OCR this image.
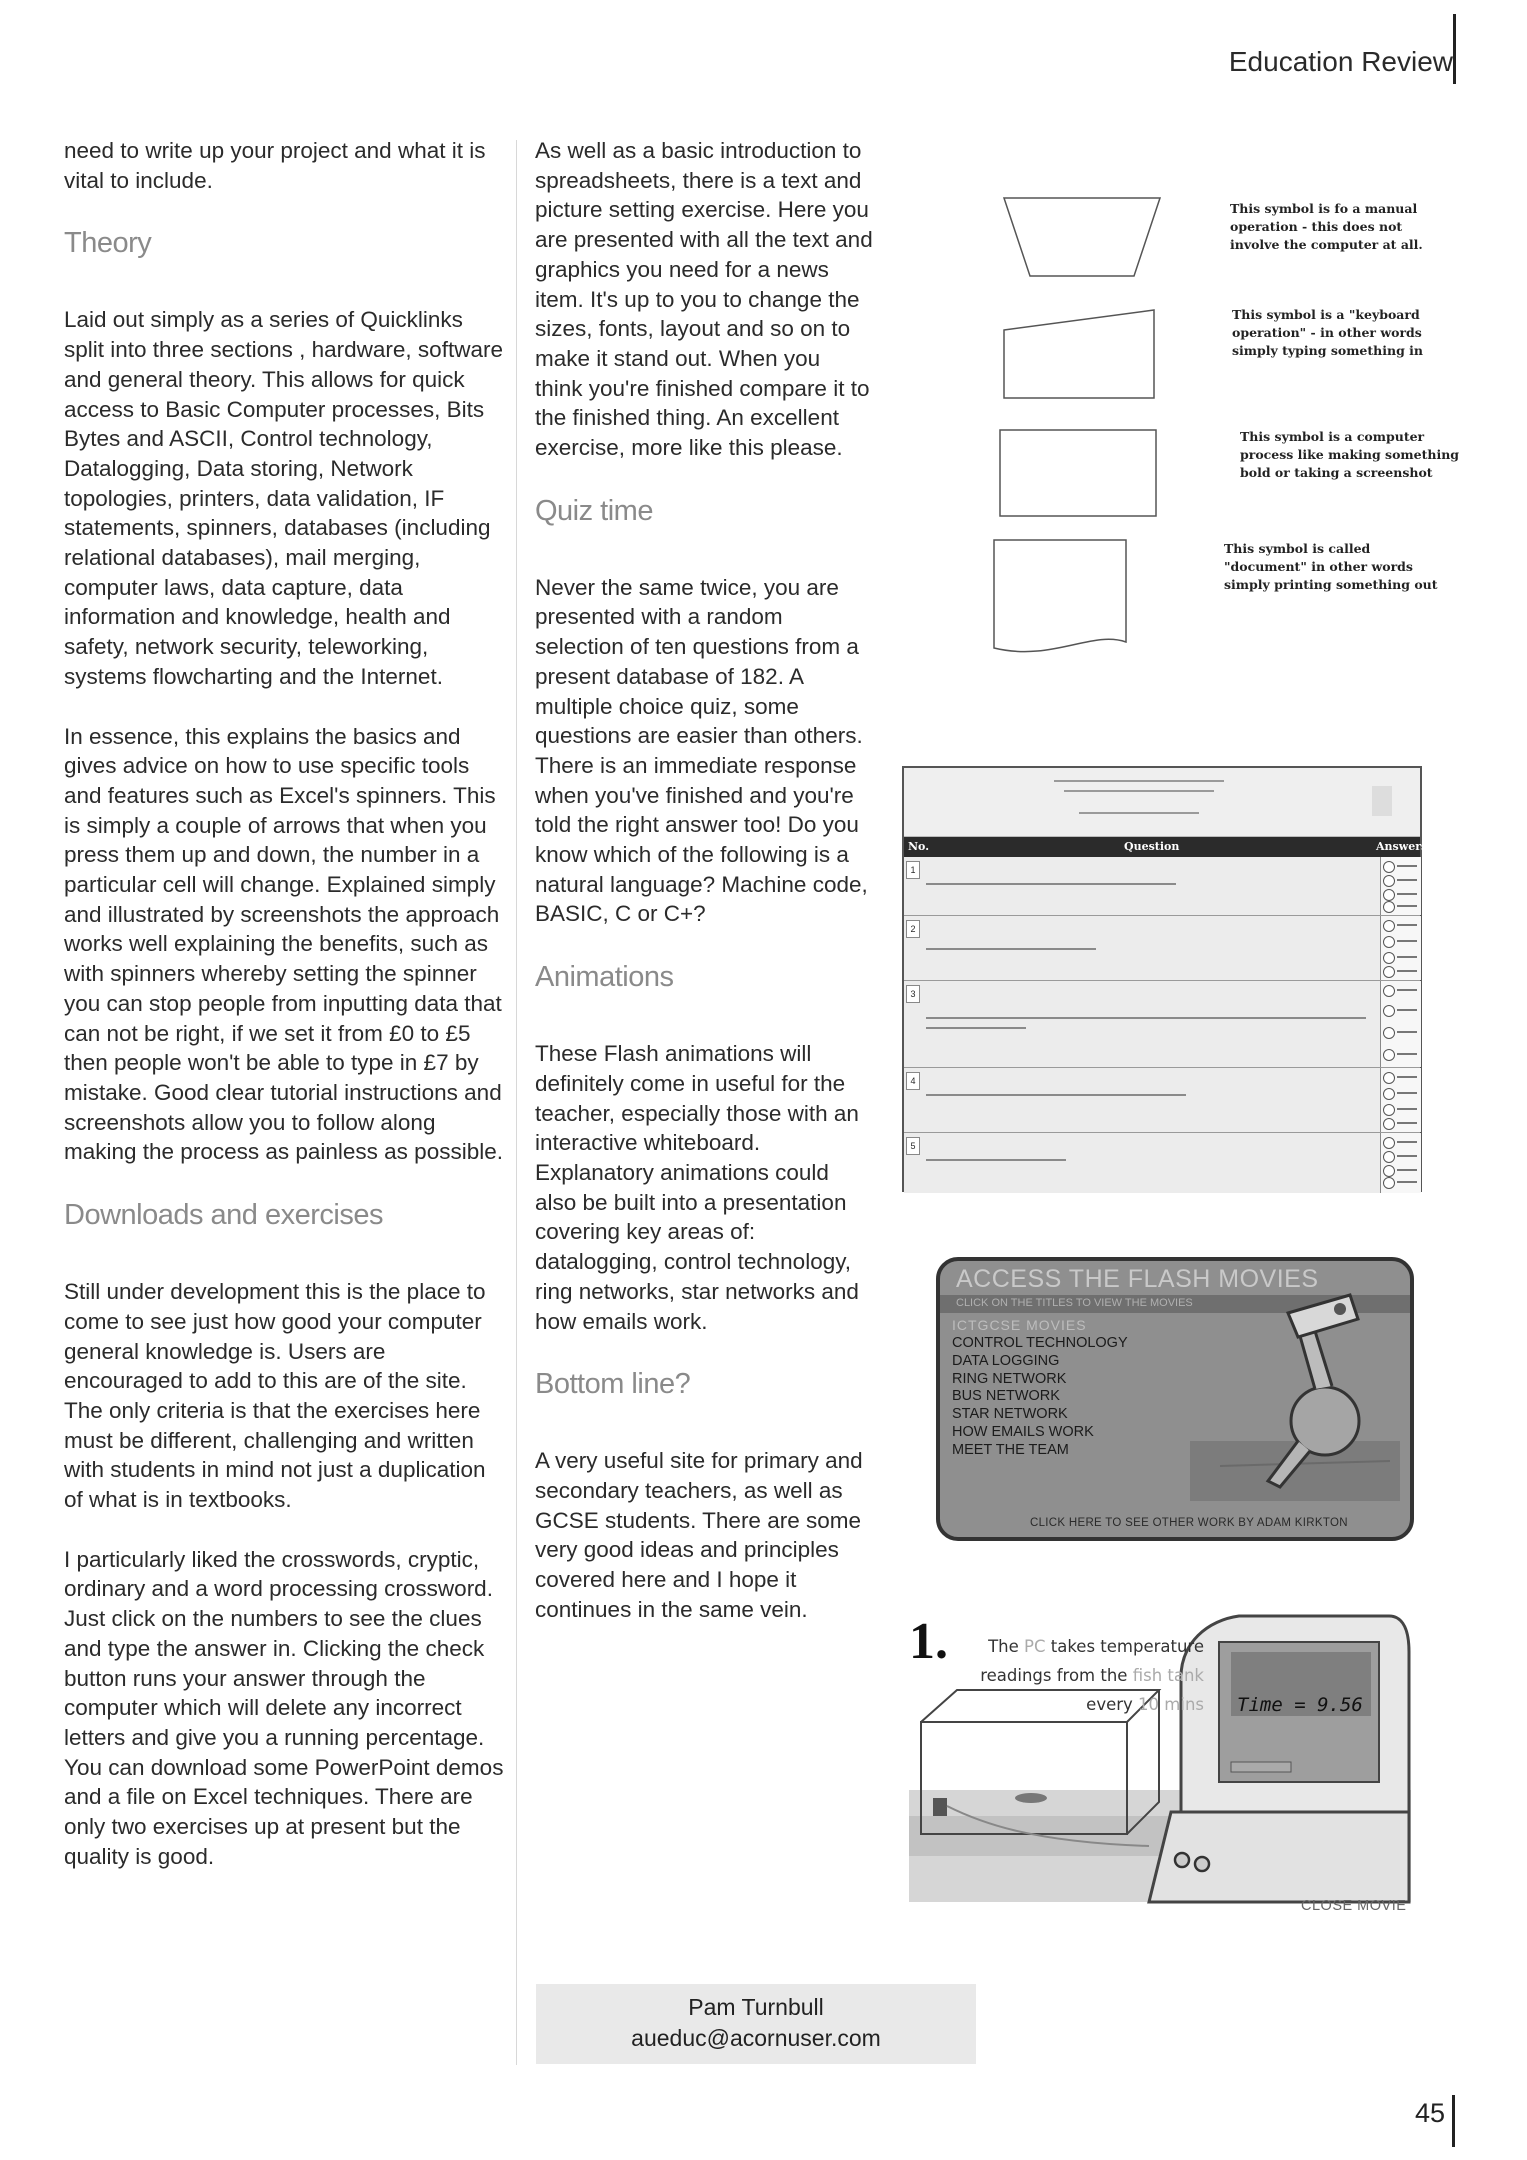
Education Review

need to write up your project and what it is vital to include.

Theory

Laid out simply as a series of Quicklinks split into three sections , hardware, software and general theory. This allows for quick access to Basic Computer processes, Bits Bytes and ASCII, Control technology, Datalogging, Data storing, Network topologies, printers, data validation, IF statements, spinners, databases (including relational databases), mail merging, computer laws, data capture, data information and knowledge, health and safety, network security, teleworking, systems flowcharting and the Internet.

In essence, this explains the basics and gives advice on how to use specific tools and features such as Excel's spinners. This is simply a couple of arrows that when you press them up and down, the number in a particular cell will change. Explained simply and illustrated by screenshots the approach works well explaining the benefits, such as with spinners whereby setting the spinner you can stop people from inputting data that can not be right, if we set it from £0 to £5 then people won't be able to type in £7 by mistake. Good clear tutorial instructions and screenshots allow you to follow along making the process as painless as possible.

Downloads and exercises

Still under development this is the place to come to see just how good your computer general knowledge is. Users are encouraged to add to this are of the site. The only criteria is that the exercises here must be different, challenging and written with students in mind not just a duplication of what is in textbooks.

I particularly liked the crosswords, cryptic, ordinary and a word processing crossword. Just click on the numbers to see the clues and type the answer in. Clicking the check button runs your answer through the computer which will delete any incorrect letters and give you a running percentage. You can download some PowerPoint demos and a file on Excel techniques. There are only two exercises up at present but the quality is good.

As well as a basic introduction to spreadsheets, there is a text and picture setting exercise. Here you are presented with all the text and graphics you need for a news item. It's up to you to change the sizes, fonts, layout and so on to make it stand out. When you think you're finished compare it to the finished thing. An excellent exercise, more like this please.

Quiz time

Never the same twice, you are presented with a random selection of ten questions from a present database of 182. A multiple choice quiz, some questions are easier than others. There is an immediate response when you've finished and you're told the right answer too! Do you know which of the following is a natural language? Machine code, BASIC, C or C+?

Animations

These Flash animations will definitely come in useful for the teacher, especially those with an interactive whiteboard. Explanatory animations could also be built into a presentation covering key areas of: datalogging, control technology, ring networks, star networks and how emails work.

Bottom line?

A very useful site for primary and secondary teachers, as well as GCSE students. There are some very good ideas and principles covered here and I hope it continues in the same vein.

This symbol is fo a manual operation - this does not involve the computer at all.
This symbol is a "keyboard operation" - in other words simply typing something in
This symbol is a computer process like making something bold or taking a screenshot
This symbol is called "document" in other words simply printing something out
No.	Question	Answers
1
2
3
4
5
ACCESS THE FLASH MOVIES
CLICK ON THE TITLES TO VIEW THE MOVIES
ICTGCSE MOVIES
CONTROL TECHNOLOGY
DATA LOGGING
RING NETWORK
BUS NETWORK
STAR NETWORK
HOW EMAILS WORK
MEET THE TEAM
CLICK HERE TO SEE OTHER WORK BY ADAM KIRKTON
1.	The PC takes temperature readings from the fish tank every 10 mins Time = 9.56
CLOSE MOVIE
Pam Turnbull
aueduc@acornuser.com
45
